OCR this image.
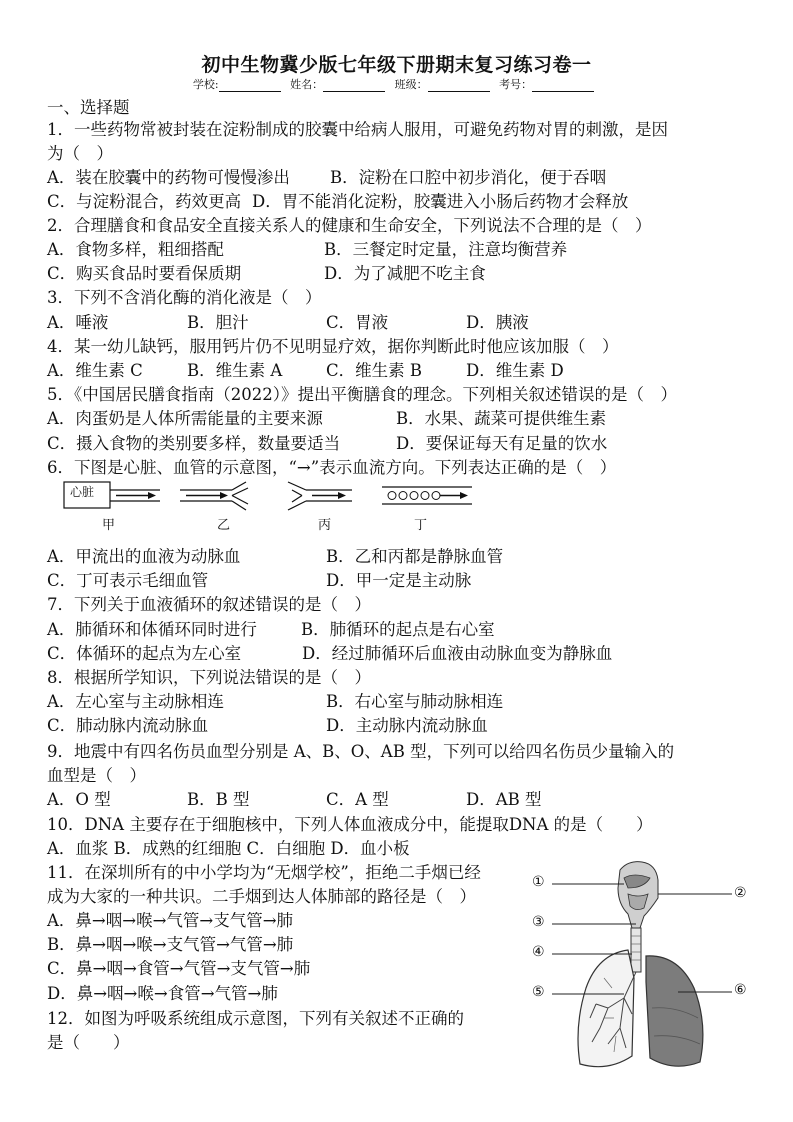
初中生物冀少版七年级下册期末复习练习卷一
学校:	姓名：	班级：	考号：
一、选择题
1．一些药物常被封装在淀粉制成的胶囊中给病人服用，可避免药物对胃的刺激，是因
为（　）
A．装在胶囊中的药物可慢慢渗出 B．淀粉在口腔中初步消化，便于吞咽
C．与淀粉混合，药效更高 D．胃不能消化淀粉，胶囊进入小肠后药物才会释放
2．合理膳食和食品安全直接关系人的健康和生命安全，下列说法不合理的是（　）
A．食物多样，粗细搭配	B．三餐定时定量，注意均衡营养
C．购买食品时要看保质期	D．为了减肥不吃主食
3．下列不含消化酶的消化液是（　）
A．唾液	B．胆汁	C．胃液	D．胰液
4．某一幼儿缺钙，服用钙片仍不见明显疗效，据你判断此时他应该加服（　）
A．维生素 C	B．维生素 A	C．维生素 B	D．维生素 D
5．《中国居民膳食指南（2022）》提出平衡膳食的理念。下列相关叙述错误的是（　）
A．肉蛋奶是人体所需能量的主要来源	B．水果、蔬菜可提供维生素
C．摄入食物的类别要多样，数量要适当	D．要保证每天有足量的饮水
6．下图是心脏、血管的示意图，“→”表示血流方向。下列表达正确的是（　）
心脏
甲	乙	丙	丁
A．甲流出的血液为动脉血	B．乙和丙都是静脉血管
C．丁可表示毛细血管	D．甲一定是主动脉
7．下列关于血液循环的叙述错误的是（　）
A．肺循环和体循环同时进行	B．肺循环的起点是右心室
C．体循环的起点为左心室	D．经过肺循环后血液由动脉血变为静脉血
8．根据所学知识，下列说法错误的是（　）
A．左心室与主动脉相连	B．右心室与肺动脉相连
C．肺动脉内流动脉血	D．主动脉内流动脉血
9．地震中有四名伤员血型分别是 A、B、O、AB 型，下列可以给四名伤员少量输入的
血型是（　）
A．O 型	B．B 型	C．A 型	D．AB 型
10．DNA 主要存在于细胞核中，下列人体血液成分中，能提取DNA 的是（　　）
A．血浆 B．成熟的红细胞 C．白细胞 D．血小板
11．在深圳所有的中小学均为“无烟学校”，拒绝二手烟已经
成为大家的一种共识。二手烟到达人体肺部的路径是（　）
A．鼻→咽→喉→气管→支气管→肺
B．鼻→咽→喉→支气管→气管→肺
C．鼻→咽→食管→气管→支气管→肺
D．鼻→咽→喉→食管→气管→肺
12．如图为呼吸系统组成示意图，下列有关叙述不正确的
是（　　）
①
②
③
④
⑤	⑥
